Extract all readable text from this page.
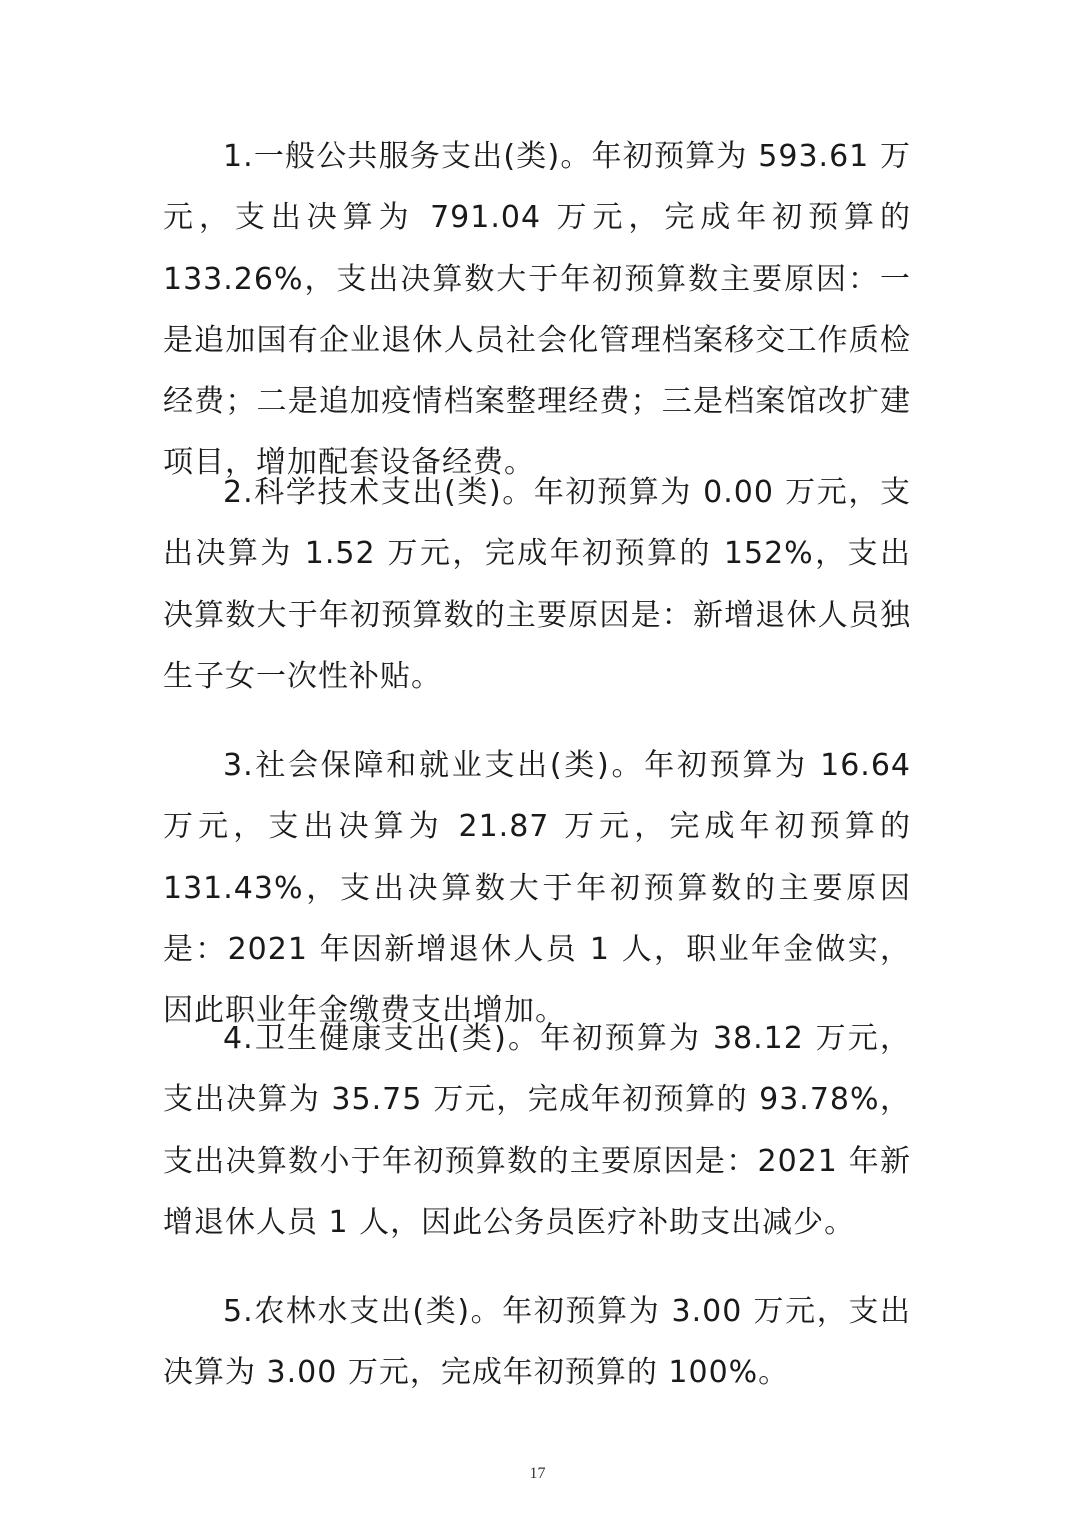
1.一般公共服务支出(类)。年初预算为 593.61 万元，支出决算为 791.04 万元，完成年初预算的 133.26%，支出决算数大于年初预算数主要原因：一是追加国有企业退休人员社会化管理档案移交工作质检经费；二是追加疫情档案整理经费；三是档案馆改扩建项目，增加配套设备经费。

2.科学技术支出(类)。年初预算为 0.00 万元，支出决算为 1.52 万元，完成年初预算的 152%，支出决算数大于年初预算数的主要原因是：新增退休人员独生子女一次性补贴。

3.社会保障和就业支出(类)。年初预算为 16.64 万元，支出决算为 21.87 万元，完成年初预算的 131.43%，支出决算数大于年初预算数的主要原因是：2021 年因新增退休人员 1 人，职业年金做实，因此职业年金缴费支出增加。

4.卫生健康支出(类)。年初预算为 38.12 万元，支出决算为 35.75 万元，完成年初预算的 93.78%，支出决算数小于年初预算数的主要原因是：2021 年新增退休人员 1 人，因此公务员医疗补助支出减少。

5.农林水支出(类)。年初预算为 3.00 万元，支出决算为 3.00 万元，完成年初预算的 100%。

17
